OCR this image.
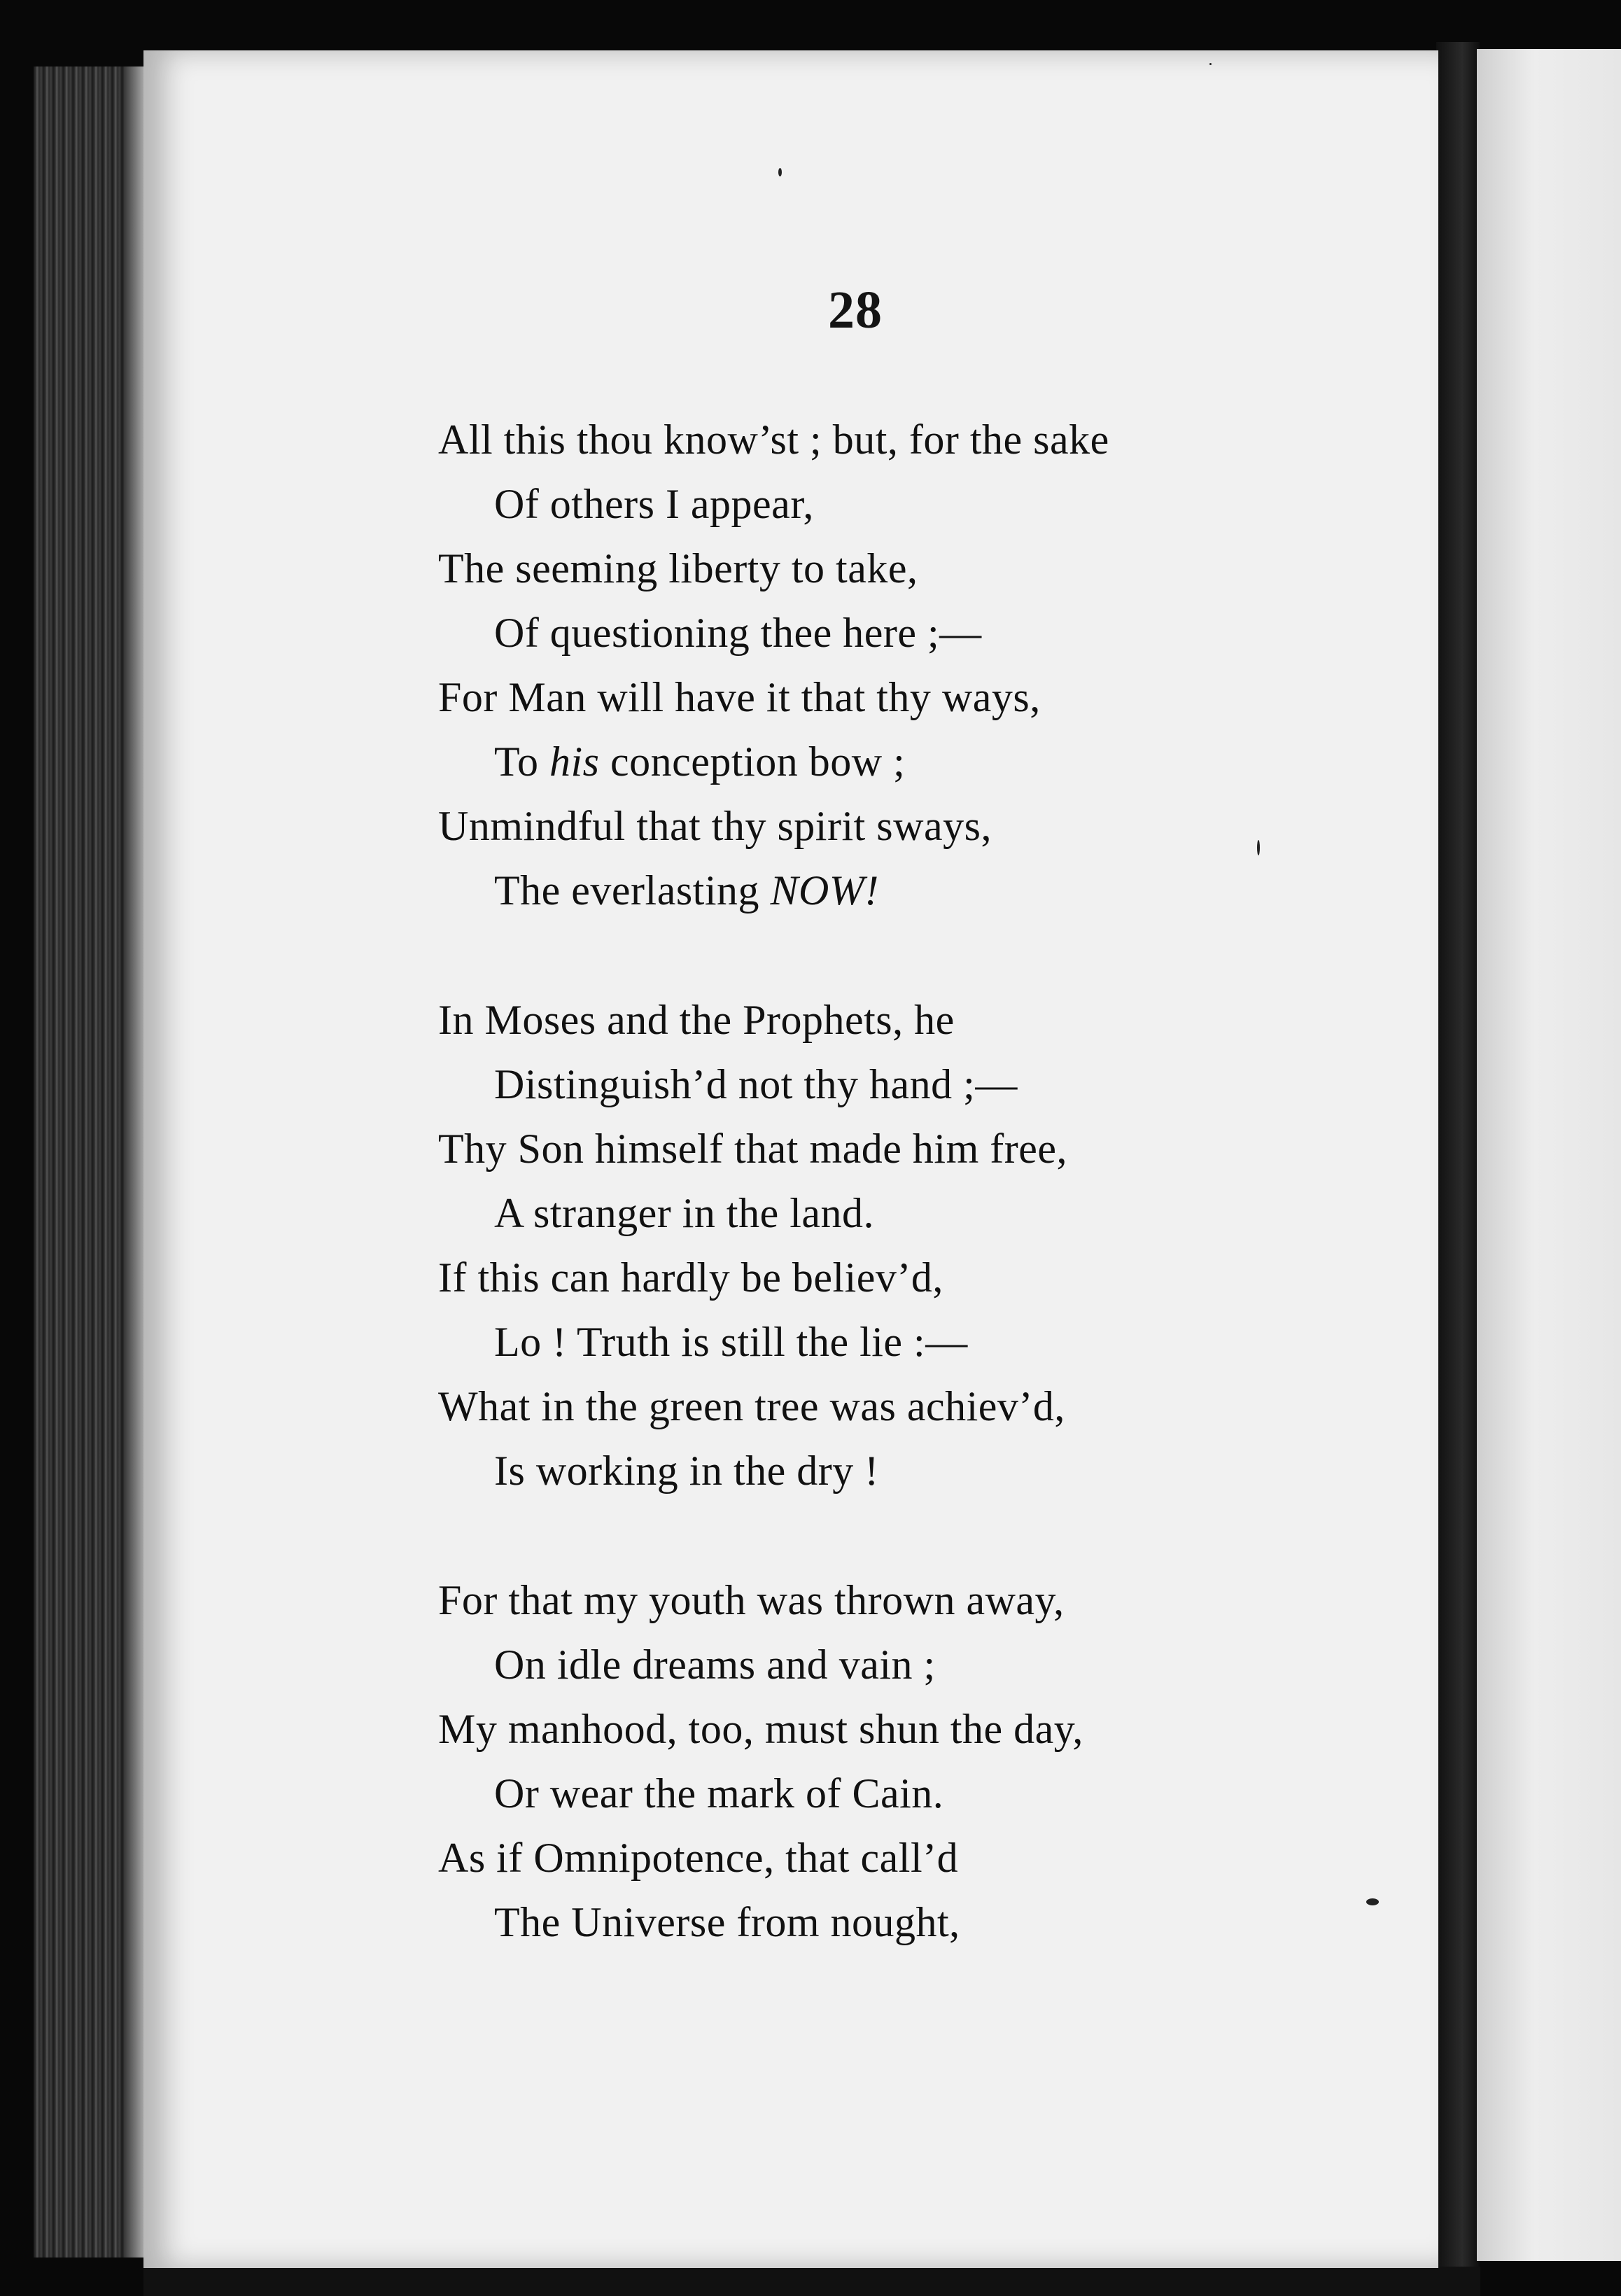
28
All this thou know’st ; but, for the sake
Of others I appear,
The seeming liberty to take,
Of questioning thee here ;—
For Man will have it that thy ways,
To his conception bow ;
Unmindful that thy spirit sways,
The everlasting NOW!
In Moses and the Prophets, he
Distinguish’d not thy hand ;—
Thy Son himself that made him free,
A stranger in the land.
If this can hardly be believ’d,
Lo ! Truth is still the lie :—
What in the green tree was achiev’d,
Is working in the dry !
For that my youth was thrown away,
On idle dreams and vain ;
My manhood, too, must shun the day,
Or wear the mark of Cain.
As if Omnipotence, that call’d
The Universe from nought,
